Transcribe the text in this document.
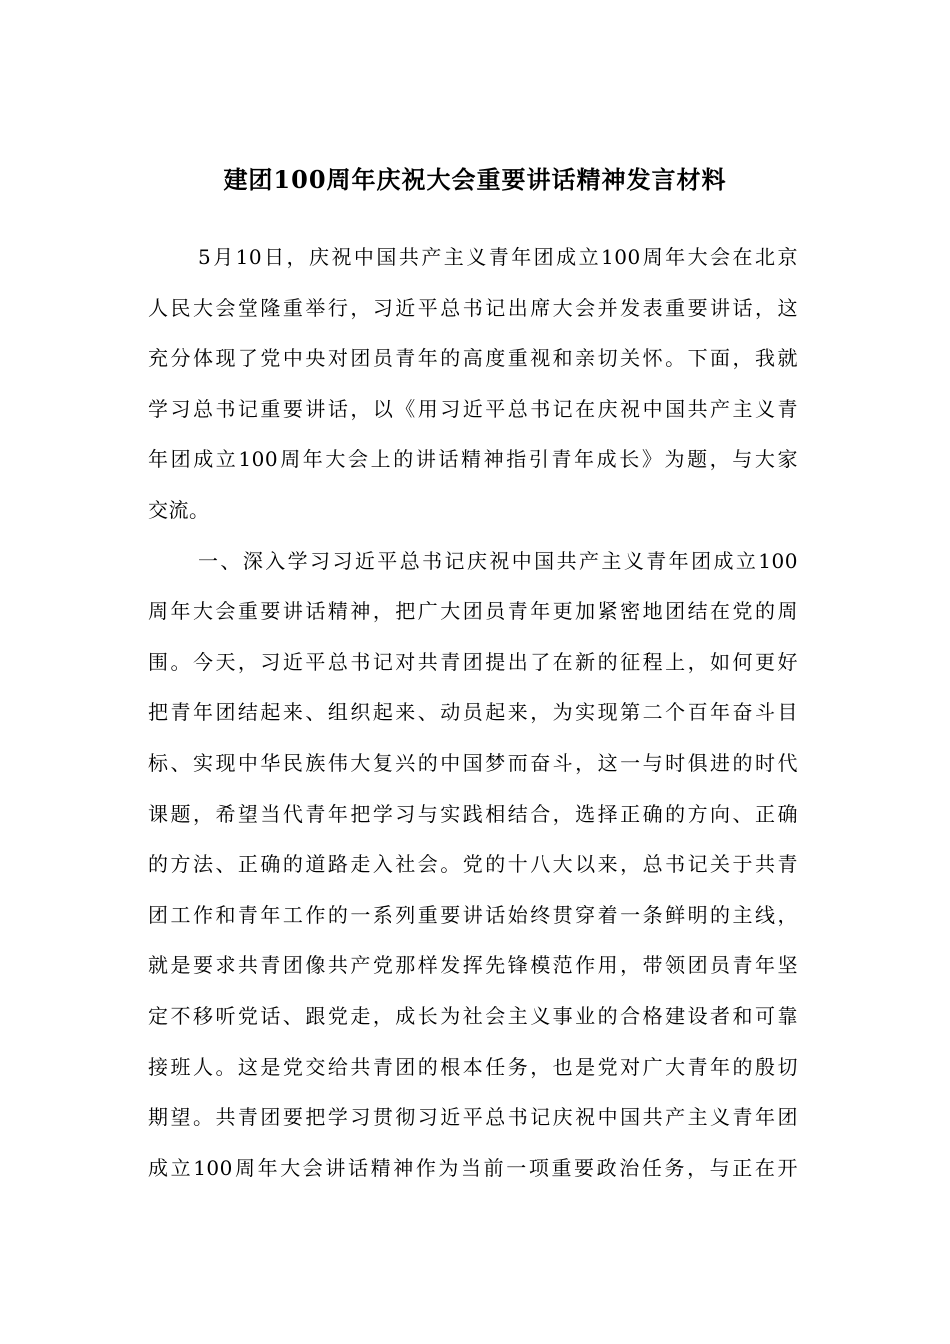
建团100周年庆祝大会重要讲话精神发言材料
5月10日，庆祝中国共产主义青年团成立100周年大会在北京
人民大会堂隆重举行，习近平总书记出席大会并发表重要讲话，这
充分体现了党中央对团员青年的高度重视和亲切关怀。下面，我就
学习总书记重要讲话，以《用习近平总书记在庆祝中国共产主义青
年团成立100周年大会上的讲话精神指引青年成长》为题，与大家
交流。
一、深入学习习近平总书记庆祝中国共产主义青年团成立100
周年大会重要讲话精神，把广大团员青年更加紧密地团结在党的周
围。今天，习近平总书记对共青团提出了在新的征程上，如何更好
把青年团结起来、组织起来、动员起来，为实现第二个百年奋斗目
标、实现中华民族伟大复兴的中国梦而奋斗，这一与时俱进的时代
课题，希望当代青年把学习与实践相结合，选择正确的方向、正确
的方法、正确的道路走入社会。党的十八大以来，总书记关于共青
团工作和青年工作的一系列重要讲话始终贯穿着一条鲜明的主线，
就是要求共青团像共产党那样发挥先锋模范作用，带领团员青年坚
定不移听党话、跟党走，成长为社会主义事业的合格建设者和可靠
接班人。这是党交给共青团的根本任务，也是党对广大青年的殷切
期望。共青团要把学习贯彻习近平总书记庆祝中国共产主义青年团
成立100周年大会讲话精神作为当前一项重要政治任务，与正在开
